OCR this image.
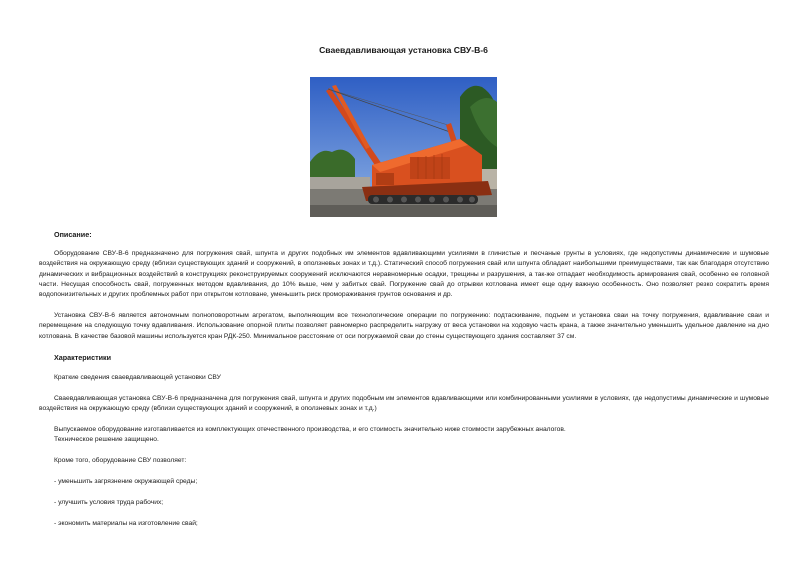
Сваевдавливающая установка СВУ-В-6
Описание:
Оборудование СВУ-В-6 предназначено для погружения свай, шпунта и других подобных им элементов вдавливающими усилиями в глинистые и песчаные грунты в условиях, где недопустимы динамические и шумовые воздействия на окружающую среду (вблизи существующих зданий и сооружений, в оползневых зонах и т.д.). Статический способ погружения свай или шпунта обладает наибольшими преимуществами, так как благодаря отсутствию динамических и вибрационных воздействий в конструкциях реконструируемых сооружений исключаются неравномерные осадки, трещины и разрушения, а так-же отпадает необходимость армирования свай, особенно ее головной части. Несущая способность свай, погруженных методом вдавливания, до 10% выше, чем у забитых свай. Погружение свай до отрывки котлована имеет еще одну важную особенность. Оно позволяет резко сократить время водопонизительных и других проблемных работ при открытом котловане, уменьшить риск промораживания грунтов основания и др.
Установка СВУ-В-6 является автономным полноповоротным агрегатом, выполняющим все технологические операции по погружению: подтаскивание, подъем и установка сваи на точку погружения, вдавливание сваи и перемещение на следующую точку вдавливания. Использование опорной плиты позволяет равномерно распределить нагрузку от веса установки на ходовую часть крана, а также значительно уменьшить удельное давление на дно котлована. В качестве базовой машины используется кран РДК-250. Минимальное расстояние от оси погружаемой сваи до стены существующего здания составляет 37 см.
Характеристики
Краткие сведения сваевдавливающей установки СВУ
Сваевдавливающая установка СВУ-В-6 предназначена для погружения свай, шпунта и других подобным им элементов вдавливающими или комбинированными усилиями в условиях, где недопустимы динамические и шумовые воздействия на окружающую среду (вблизи существующих зданий и сооружений, в оползневых зонах и т.д.)
Выпускаемое оборудование изготавливается из комплектующих отечественного производства, и его стоимость значительно ниже стоимости зарубежных аналогов.
Техническое решение защищено.
Кроме того, оборудование СВУ позволяет:
- уменьшить загрязнение окружающей среды;
- улучшить условия труда рабочих;
- экономить материалы на изготовление свай;
